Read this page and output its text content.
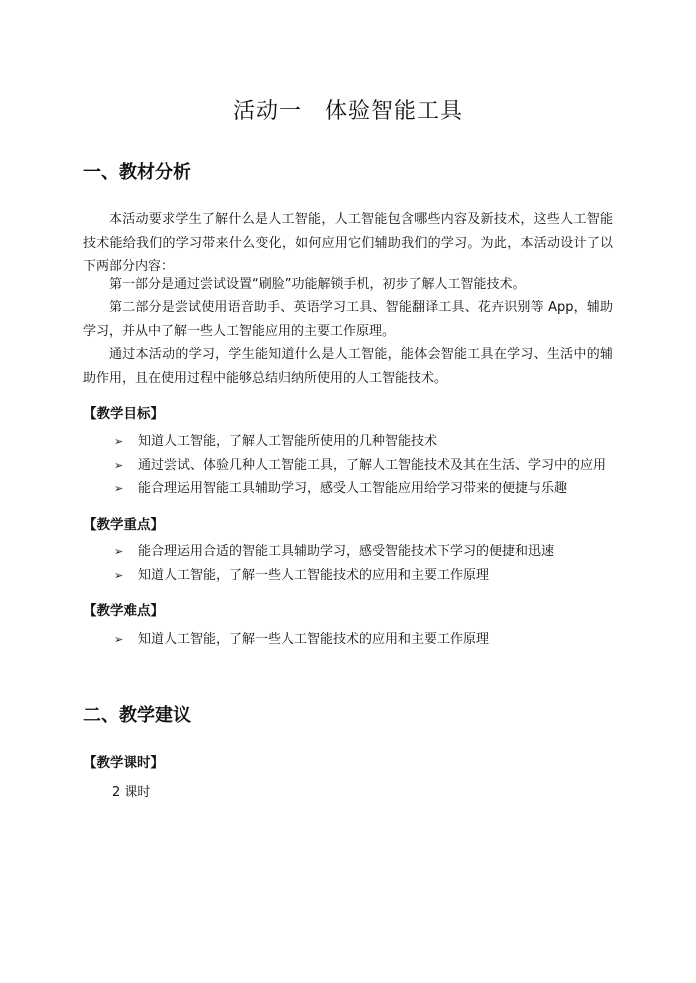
活动一　体验智能工具
一、教材分析
本活动要求学生了解什么是人工智能，人工智能包含哪些内容及新技术，这些人工智能技术能给我们的学习带来什么变化，如何应用它们辅助我们的学习。为此，本活动设计了以下两部分内容：
第一部分是通过尝试设置“刷脸”功能解锁手机，初步了解人工智能技术。
第二部分是尝试使用语音助手、英语学习工具、智能翻译工具、花卉识别等 App，辅助学习，并从中了解一些人工智能应用的主要工作原理。
通过本活动的学习，学生能知道什么是人工智能，能体会智能工具在学习、生活中的辅助作用，且在使用过程中能够总结归纳所使用的人工智能技术。
【教学目标】
➢	知道人工智能，了解人工智能所使用的几种智能技术
➢	通过尝试、体验几种人工智能工具，了解人工智能技术及其在生活、学习中的应用
➢	能合理运用智能工具辅助学习，感受人工智能应用给学习带来的便捷与乐趣
【教学重点】
➢	能合理运用合适的智能工具辅助学习，感受智能技术下学习的便捷和迅速
➢	知道人工智能，了解一些人工智能技术的应用和主要工作原理
【教学难点】
➢	知道人工智能，了解一些人工智能技术的应用和主要工作原理
二、教学建议
【教学课时】
2 课时
